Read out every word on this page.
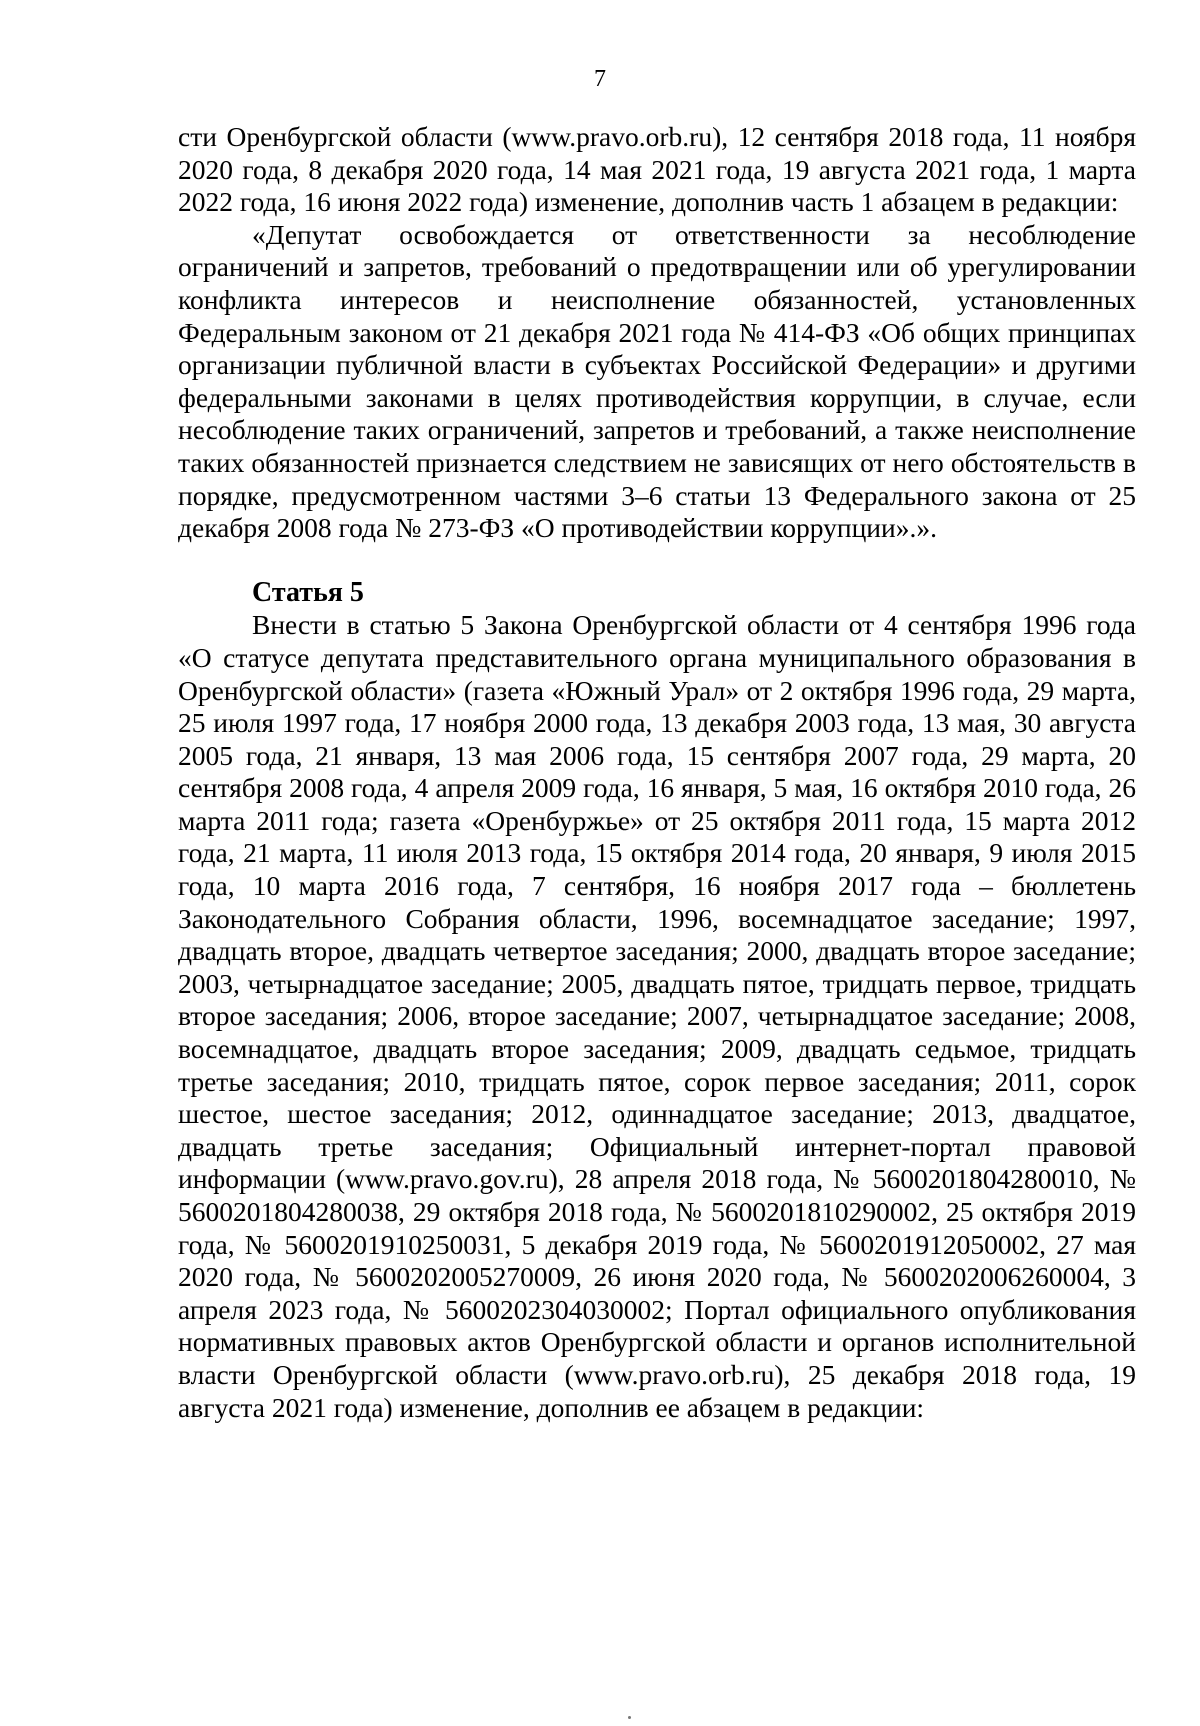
7

сти Оренбургской области (www.pravo.orb.ru), 12 сентября 2018 года, 11 ноября 2020 года, 8 декабря 2020 года, 14 мая 2021 года, 19 августа 2021 года, 1 марта 2022 года, 16 июня 2022 года) изменение, дополнив часть 1 абзацем в редакции:

«Депутат освобождается от ответственности за несоблюдение ограничений и запретов, требований о предотвращении или об урегулировании конфликта интересов и неисполнение обязанностей, установленных Федеральным законом от 21 декабря 2021 года № 414-ФЗ «Об общих принципах организации публичной власти в субъектах Российской Федерации» и другими федеральными законами в целях противодействия коррупции, в случае, если несоблюдение таких ограничений, запретов и требований, а также неисполнение таких обязанностей признается следствием не зависящих от него обстоятельств в порядке, предусмотренном частями 3–6 статьи 13 Федерального закона от 25 декабря 2008 года № 273-ФЗ «О противодействии коррупции».».

Статья 5

Внести в статью 5 Закона Оренбургской области от 4 сентября 1996 года «О статусе депутата представительного органа муниципального образования в Оренбургской области» (газета «Южный Урал» от 2 октября 1996 года, 29 марта, 25 июля 1997 года, 17 ноября 2000 года, 13 декабря 2003 года, 13 мая, 30 августа 2005 года, 21 января, 13 мая 2006 года, 15 сентября 2007 года, 29 марта, 20 сентября 2008 года, 4 апреля 2009 года, 16 января, 5 мая, 16 октября 2010 года, 26 марта 2011 года; газета «Оренбуржье» от 25 октября 2011 года, 15 марта 2012 года, 21 марта, 11 июля 2013 года, 15 октября 2014 года, 20 января, 9 июля 2015 года, 10 марта 2016 года, 7 сентября, 16 ноября 2017 года – бюллетень Законодательного Собрания области, 1996, восемнадцатое заседание; 1997, двадцать второе, двадцать четвертое заседания; 2000, двадцать второе заседание; 2003, четырнадцатое заседание; 2005, двадцать пятое, тридцать первое, тридцать второе заседания; 2006, второе заседание; 2007, четырнадцатое заседание; 2008, восемнадцатое, двадцать второе заседания; 2009, двадцать седьмое, тридцать третье заседания; 2010, тридцать пятое, сорок первое заседания; 2011, сорок шестое, шестое заседания; 2012, одиннадцатое заседание; 2013, двадцатое, двадцать третье заседания; Официальный интернет-портал правовой информации (www.pravo.gov.ru), 28 апреля 2018 года, № 5600201804280010, № 5600201804280038, 29 октября 2018 года, № 5600201810290002, 25 октября 2019 года, № 5600201910250031, 5 декабря 2019 года, № 5600201912050002, 27 мая 2020 года, № 5600202005270009, 26 июня 2020 года, № 5600202006260004, 3 апреля 2023 года, № 5600202304030002; Портал официального опубликования нормативных правовых актов Оренбургской области и органов исполнительной власти Оренбургской области (www.pravo.orb.ru), 25 декабря 2018 года, 19 августа 2021 года) изменение, дополнив ее абзацем в редакции:
